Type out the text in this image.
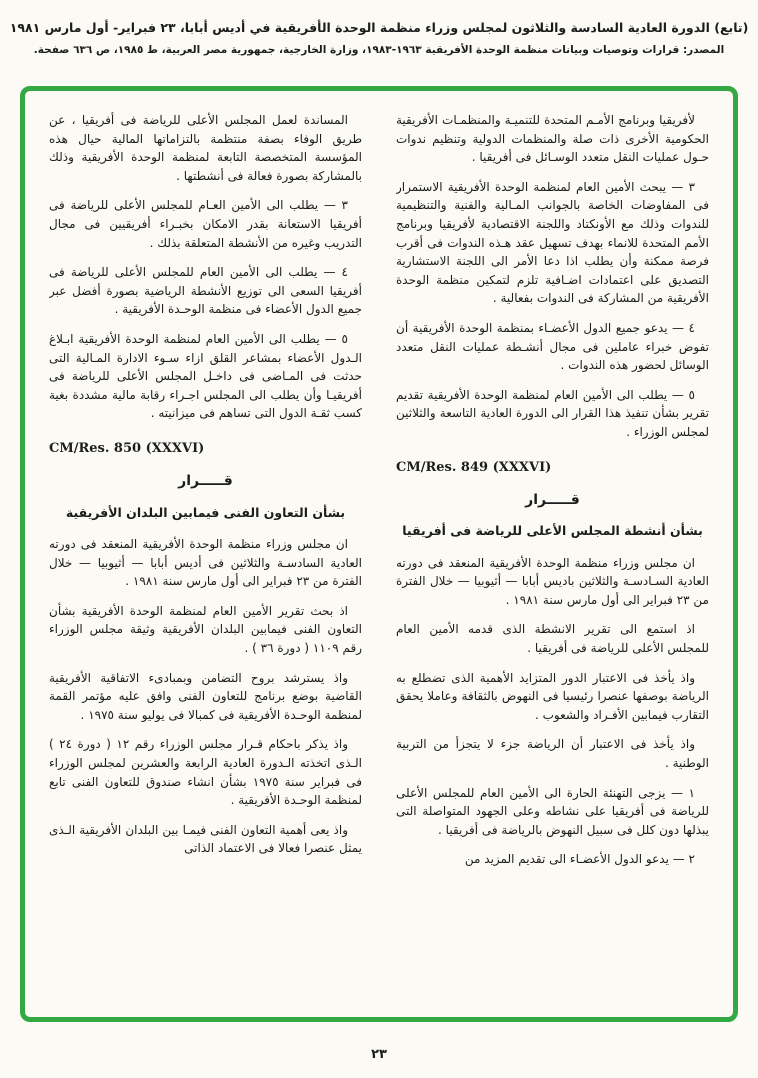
(تابع) الدورة العادية السادسة والثلاثون لمجلس وزراء منظمة الوحدة الأفريقية في أديس أبابا، ٢٣ فبراير- أول مارس ١٩٨١
المصدر: قرارات وتوصيات وبيانات منظمة الوحدة الأفريقية ١٩٦٣-١٩٨٣، وزارة الخارجية، جمهورية مصر العربية، ط ١٩٨٥، ص ٦٣٦ صفحة.

المساندة لعمل المجلس الأعلى للرياضة فى أفريقيا ، عن طريق الوفاء بصفة منتظمة بالتزاماتها المالية حيال هذه المؤسسة المتخصصة التابعة لمنظمة الوحدة الأفريقية وذلك بالمشاركة بصورة فعالة فى أنشطتها .

٣ — يطلب الى الأمين العـام للمجلس الأعلى للرياضة فى أفريقيا الاستعانة بقدر الامكان بخبـراء أفريقيين فى مجال التدريب وغيره من الأنشطة المتعلقة بذلك .

٤ — يطلب الى الأمين العام للمجلس الأعلى للرياضة فى أفريقيا السعى الى توزيع الأنشطة الرياضية بصورة أفضل عبر جميع الدول الأعضاء فى منظمة الوحـدة الأفريقية .

٥ — يطلب الى الأمين العام لمنظمة الوحدة الأفريقية ابـلاغ الـدول الأعضاء بمشاعر القلق ازاء سـوء الادارة المـالية التى حدثت فى المـاضى فى داخـل المجلس الأعلى للرياضة فى أفريقيـا وأن يطلب الى المجلس اجـراء رقابة مالية مشددة بغية كسب ثقـة الدول التى تساهم فى ميزانيته .

CM/Res. 850 (XXXVI)
قـــــرار
بشأن التعاون الفنى فيمابين البلدان الأفريقية

ان مجلس وزراء منظمة الوحدة الأفريقية المنعقد فى دورته العادية السادسـة والثلاثين فى أديس أبابا — أثيوبيا — خلال الفترة من ٢٣ فبراير الى أول مارس سنة ١٩٨١ .

اذ بحث تقرير الأمين العام لمنظمة الوحدة الأفريقية بشأن التعاون الفنى فيمابين البلدان الأفريقية وثيقة مجلس الوزراء رقم ١١٠٩ ( دورة ٣٦ ) .

واذ يسترشد بروح التضامن وبمبادىء الاتفاقية الأفريقية القاضية بوضع برنامج للتعاون الفنى وافق عليه مؤتمر القمة لمنظمة الوحـدة الأفريقية فى كمبالا فى يوليو سنة ١٩٧٥ .

واذ يذكر باحكام قـرار مجلس الوزراء رقم ١٢ ( دورة ٢٤ ) الـذى اتخذته الـدورة العادية الرابعة والعشرين لمجلس الوزراء فى فبراير سنة ١٩٧٥ بشأن انشاء صندوق للتعاون الفنى تابع لمنظمة الوحـدة الأفريقية .

واذ يعى أهمية التعاون الفنى فيمـا بين البلدان الأفريقية الـذى يمثل عنصرا فعالا فى الاعتماد الذاتى

لأفريقيا وبرنامج الأمـم المتحدة للتنميـة والمنظمـات الأفريقية الحكومية الأخرى ذات صلة والمنظمات الدولية وتنظيم ندوات حـول عمليات النقل متعدد الوسـائل فى أفريقيا .

٣ — يبحث الأمين العام لمنظمة الوحدة الأفريقية الاستمرار فى المفاوضات الخاصة بالجوانب المـالية والفنية والتنظيمية للندوات وذلك مع الأونكتاد واللجنة الاقتصادية لأفريقيا وبرنامج الأمم المتحدة للانماء بهدف تسهيل عقد هـذه الندوات فى أقرب فرصة ممكنة وأن يطلب اذا دعا الأمر الى اللجنة الاستشارية التصديق على اعتمادات اضـافية تلزم لتمكين منظمة الوحدة الأفريقية من المشاركة فى الندوات بفعالية .

٤ — يدعو جميع الدول الأعضـاء بمنظمة الوحدة الأفريقية أن تفوض خبراء عاملين فى مجال أنشـطة عمليات النقل متعدد الوسائل لحضور هذه الندوات .

٥ — يطلب الى الأمين العام لمنظمة الوحدة الأفريقية تقديم تقرير بشأن تنفيذ هذا القرار الى الدورة العادية التاسعة والثلاثين لمجلس الوزراء .

CM/Res. 849 (XXXVI)
قـــــرار
بشأن أنشطة المجلس الأعلى للرياضة فى أفريقيا

ان مجلس وزراء منظمة الوحدة الأفريقية المنعقد فى دورته العادية السـادسـة والثلاثين باديس أبابا — أثيوبيا — خلال الفترة من ٢٣ فبراير الى أول مارس سنة ١٩٨١ .

اذ استمع الى تقرير الانشطة الذى قدمه الأمين العام للمجلس الأعلى للرياضة فى أفريقيا .

واذ يأخذ فى الاعتبار الدور المتزايد الأهمية الذى تضطلع به الرياضة بوصفها عنصرا رئيسيا فى النهوض بالثقافة وعاملا يحقق التقارب فيمابين الأفـراد والشعوب .

واذ يأخذ فى الاعتبار أن الرياضة جزء لا يتجزأ من التربية الوطنية .

١ — يزجى التهنئة الحارة الى الأمين العام للمجلس الأعلى للرياضة فى أفريقيا على نشاطه وعلى الجهود المتواصلة التى يبذلها دون كلل فى سبيل النهوض بالرياضة فى أفريقيا .

٢ — يدعو الدول الأعضـاء الى تقديم المزيد من

٢٣
